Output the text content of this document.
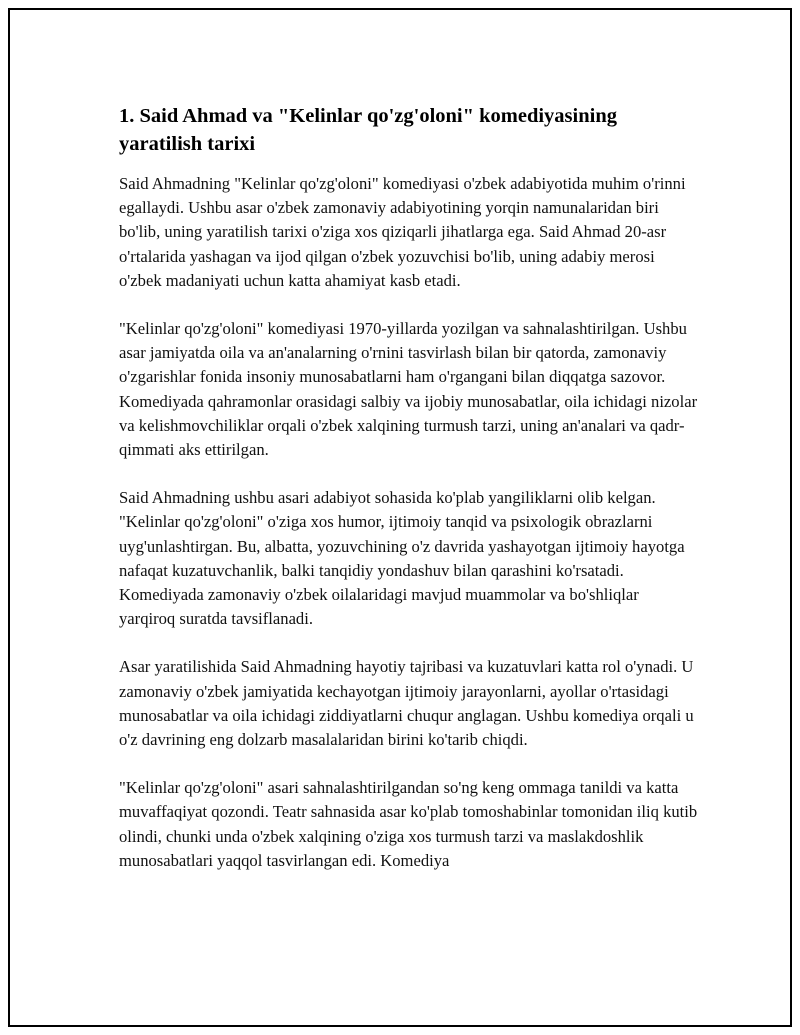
1. Said Ahmad va "Kelinlar qo'zg'oloni" komediyasining yaratilish tarixi

Said Ahmadning "Kelinlar qo'zg'oloni" komediyasi o'zbek adabiyotida muhim o'rinni egallaydi. Ushbu asar o'zbek zamonaviy adabiyotining yorqin namunalaridan biri bo'lib, uning yaratilish tarixi o'ziga xos qiziqarli jihatlarga ega. Said Ahmad 20-asr o'rtalarida yashagan va ijod qilgan o'zbek yozuvchisi bo'lib, uning adabiy merosi o'zbek madaniyati uchun katta ahamiyat kasb etadi.

"Kelinlar qo'zg'oloni" komediyasi 1970-yillarda yozilgan va sahnalashtirilgan. Ushbu asar jamiyatda oila va an'analarning o'rnini tasvirlash bilan bir qatorda, zamonaviy o'zgarishlar fonida insoniy munosabatlarni ham o'rgangani bilan diqqatga sazovor. Komediyada qahramonlar orasidagi salbiy va ijobiy munosabatlar, oila ichidagi nizolar va kelishmovchiliklar orqali o'zbek xalqining turmush tarzi, uning an'analari va qadr-qimmati aks ettirilgan.

Said Ahmadning ushbu asari adabiyot sohasida ko'plab yangiliklarni olib kelgan. "Kelinlar qo'zg'oloni" o'ziga xos humor, ijtimoiy tanqid va psixologik obrazlarni uyg'unlashtirgan. Bu, albatta, yozuvchining o'z davrida yashayotgan ijtimoiy hayotga nafaqat kuzatuvchanlik, balki tanqidiy yondashuv bilan qarashini ko'rsatadi. Komediyada zamonaviy o'zbek oilalaridagi mavjud muammolar va bo'shliqlar yarqiroq suratda tavsiflanadi.

Asar yaratilishida Said Ahmadning hayotiy tajribasi va kuzatuvlari katta rol o'ynadi. U zamonaviy o'zbek jamiyatida kechayotgan ijtimoiy jarayonlarni, ayollar o'rtasidagi munosabatlar va oila ichidagi ziddiyatlarni chuqur anglagan. Ushbu komediya orqali u o'z davrining eng dolzarb masalalaridan birini ko'tarib chiqdi.

"Kelinlar qo'zg'oloni" asari sahnalashtirilgandan so'ng keng ommaga tanildi va katta muvaffaqiyat qozondi. Teatr sahnasida asar ko'plab tomoshabinlar tomonidan iliq kutib olindi, chunki unda o'zbek xalqining o'ziga xos turmush tarzi va maslakdoshlik munosabatlari yaqqol tasvirlangan edi. Komediya
